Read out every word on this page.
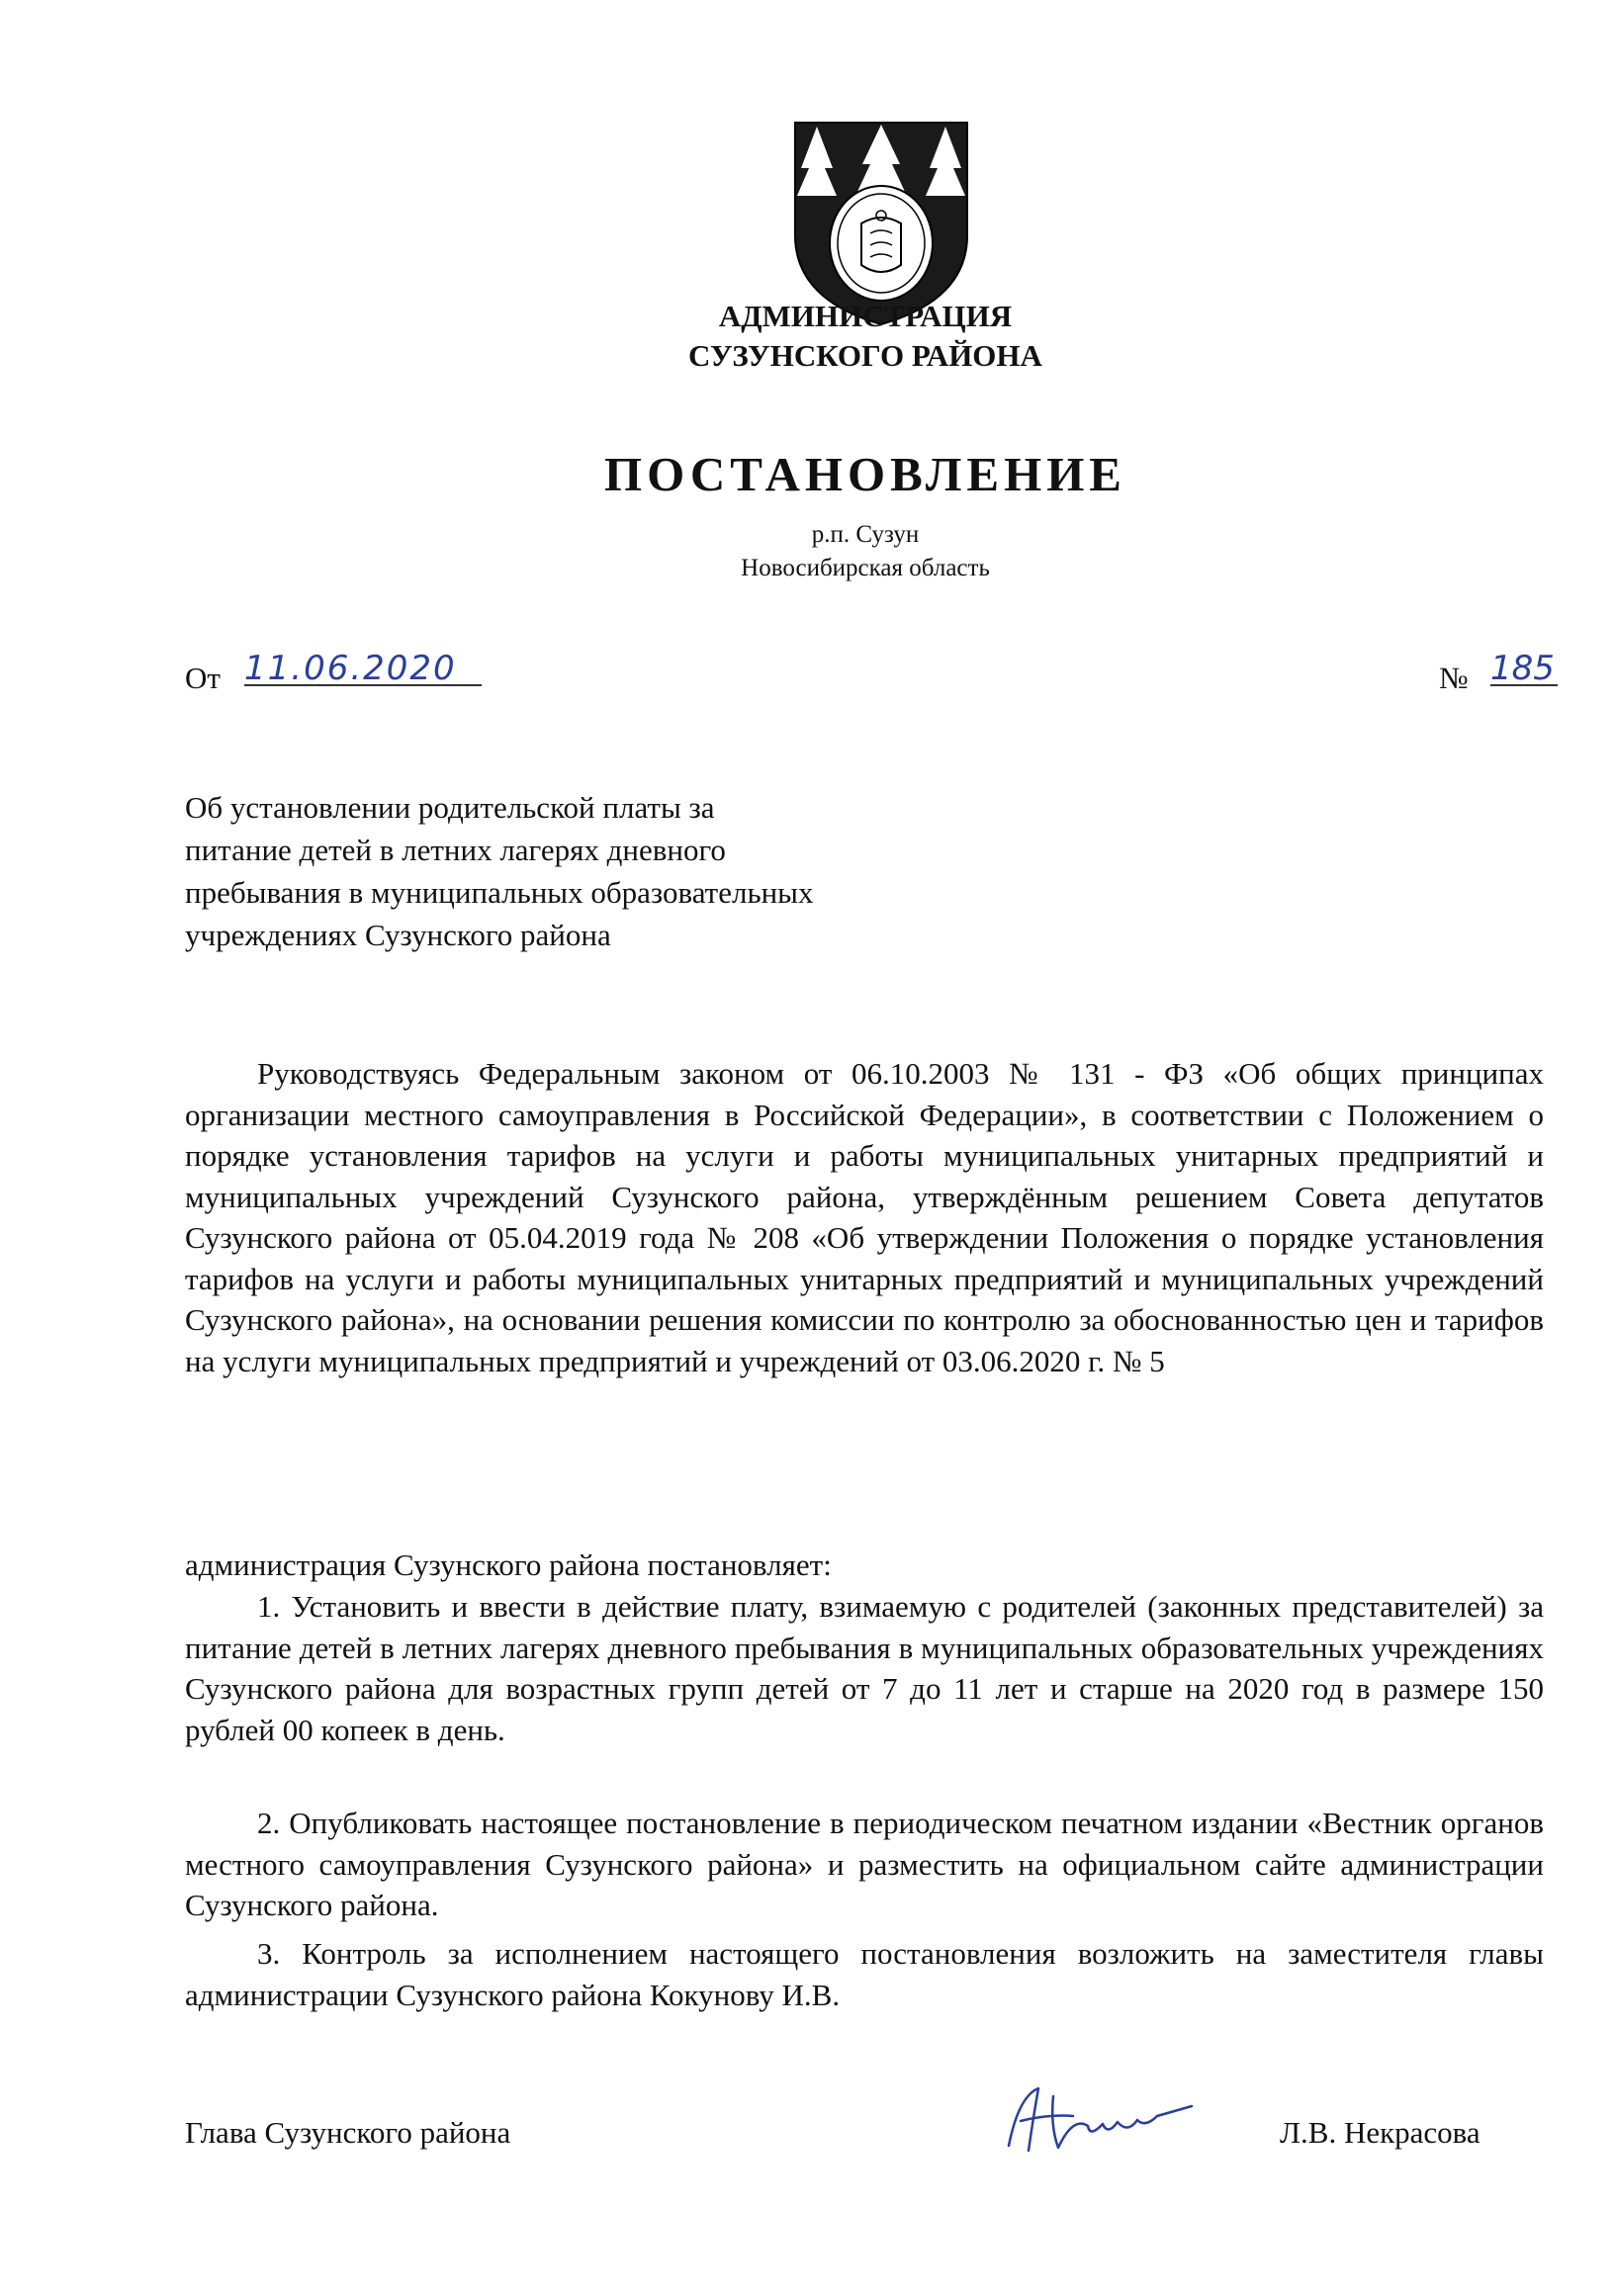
АДМИНИСТРАЦИЯ
СУЗУНСКОГО РАЙОНА
ПОСТАНОВЛЕНИЕ
р.п. Сузун
Новосибирская область
От 11.06.2020	№ 185
Об установлении родительской платы за
питание детей в летних лагерях дневного
пребывания в муниципальных образовательных
учреждениях Сузунского района
Руководствуясь Федеральным законом от 06.10.2003 № 131 - ФЗ «Об общих принципах организации местного самоуправления в Российской Федерации», в соответствии с Положением о порядке установления тарифов на услуги и работы муниципальных унитарных предприятий и муниципальных учреждений Сузунского района, утверждённым решением Совета депутатов Сузунского района от 05.04.2019 года № 208 «Об утверждении Положения о порядке установления тарифов на услуги и работы муниципальных унитарных предприятий и муниципальных учреждений Сузунского района», на основании решения комиссии по контролю за обоснованностью цен и тарифов на услуги муниципальных предприятий и учреждений от 03.06.2020 г. № 5
администрация Сузунского района постановляет:
1. Установить и ввести в действие плату, взимаемую с родителей (законных представителей) за питание детей в летних лагерях дневного пребывания в муниципальных образовательных учреждениях Сузунского района для возрастных групп детей от 7 до 11 лет и старше на 2020 год в размере 150 рублей 00 копеек в день.
2. Опубликовать настоящее постановление в периодическом печатном издании «Вестник органов местного самоуправления Сузунского района» и разместить на официальном сайте администрации Сузунского района.
3. Контроль за исполнением настоящего постановления возложить на заместителя главы администрации Сузунского района Кокунову И.В.
Глава Сузунского района	Л.В. Некрасова
